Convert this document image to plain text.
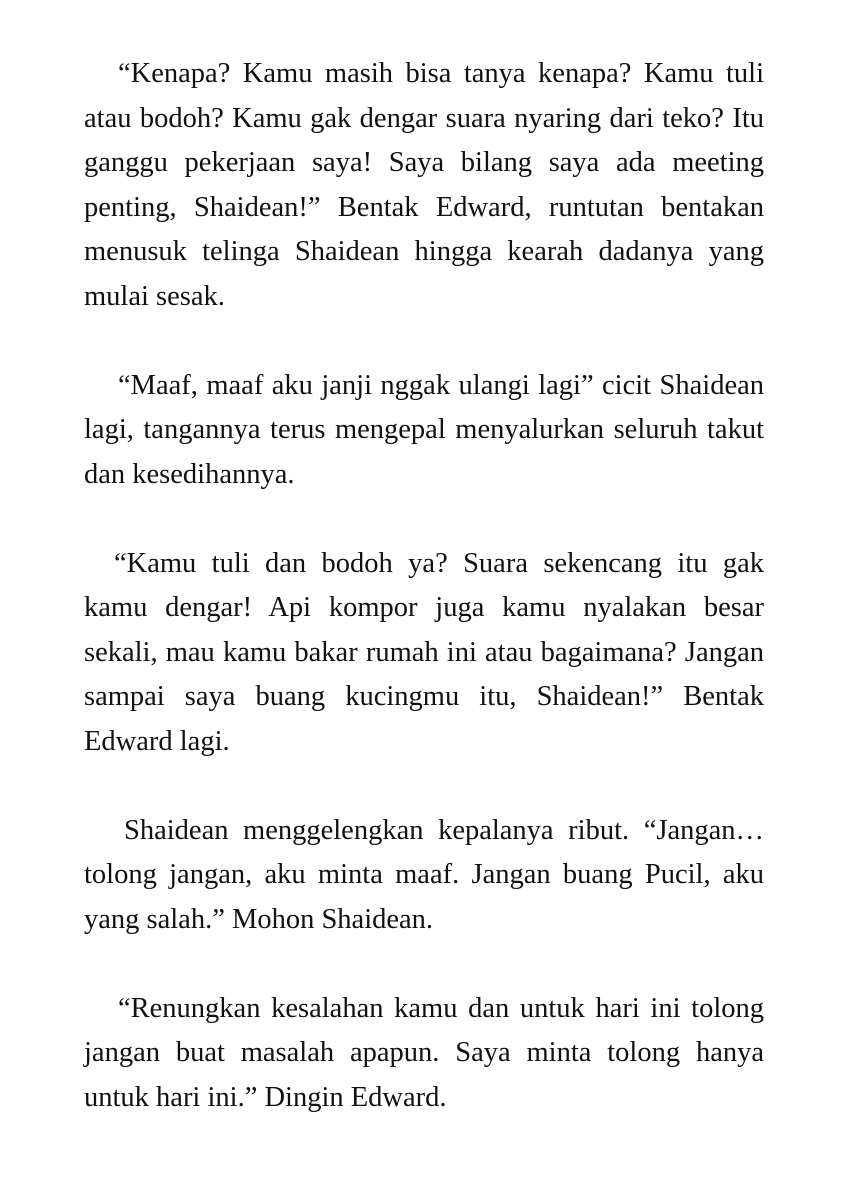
“Kenapa? Kamu masih bisa tanya kenapa? Kamu tuli atau bodoh? Kamu gak dengar suara nyaring dari teko? Itu ganggu pekerjaan saya! Saya bilang saya ada meeting penting, Shaidean!” Bentak Edward, runtutan bentakan menusuk telinga Shaidean hingga kearah dadanya yang mulai sesak.

“Maaf, maaf aku janji nggak ulangi lagi” cicit Shaidean lagi, tangannya terus mengepal menyalurkan seluruh takut dan kesedihannya.

“Kamu tuli dan bodoh ya? Suara sekencang itu gak kamu dengar! Api kompor juga kamu nyalakan besar sekali, mau kamu bakar rumah ini atau bagaimana? Jangan sampai saya buang kucingmu itu, Shaidean!” Bentak Edward lagi.

Shaidean menggelengkan kepalanya ribut. “Jangan… tolong jangan, aku minta maaf. Jangan buang Pucil, aku yang salah.” Mohon Shaidean.

“Renungkan kesalahan kamu dan untuk hari ini tolong jangan buat masalah apapun. Saya minta tolong hanya untuk hari ini.” Dingin Edward.
